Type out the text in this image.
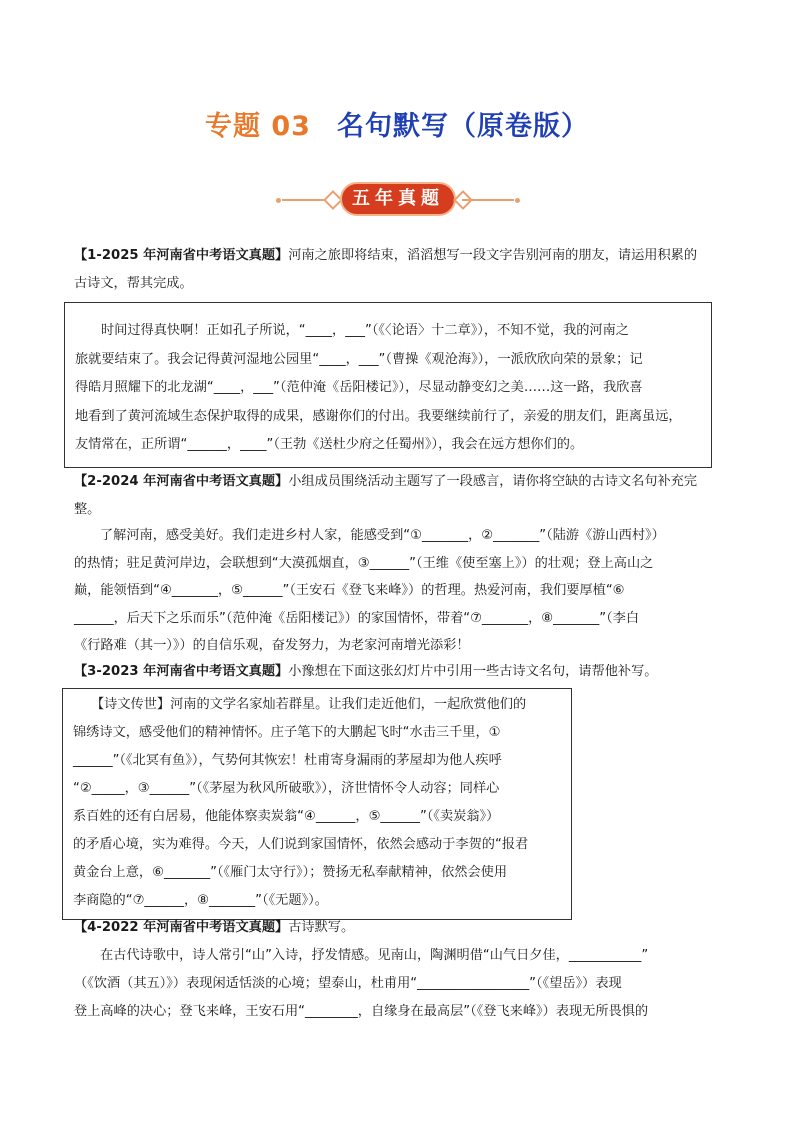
专题 03 名句默写（原卷版）
五年真题
【1-2025 年河南省中考语文真题】河南之旅即将结束，滔滔想写一段文字告别河南的朋友，请运用积累的
古诗文，帮其完成。
时间过得真快啊！正如孔子所说，“____，___”（《〈论语〉十二章》），不知不觉，我的河南之
旅就要结束了。我会记得黄河湿地公园里“____，___”（曹操《观沧海》），一派欣欣向荣的景象；记
得皓月照耀下的北龙湖“____，___”（范仲淹《岳阳楼记》），尽显动静变幻之美……这一路，我欣喜
地看到了黄河流域生态保护取得的成果，感谢你们的付出。我要继续前行了，亲爱的朋友们，距离虽远，
友情常在，正所谓“______，____”（王勃《送杜少府之任蜀州》），我会在远方想你们的。
【2-2024 年河南省中考语文真题】小组成员围绕活动主题写了一段感言，请你将空缺的古诗文名句补充完
整。
了解河南，感受美好。我们走进乡村人家，能感受到“①_______，②_______”（陆游《游山西村》）
的热情；驻足黄河岸边，会联想到“大漠孤烟直，③______”（王维《使至塞上》）的壮观；登上高山之
巅，能领悟到“④_______，⑤______”（王安石《登飞来峰》）的哲理。热爱河南，我们要厚植“⑥
______，后天下之乐而乐”（范仲淹《岳阳楼记》）的家国情怀，带着“⑦_______，⑧_______”（李白
《行路难（其一）》）的自信乐观，奋发努力，为老家河南增光添彩！
【3-2023 年河南省中考语文真题】小豫想在下面这张幻灯片中引用一些古诗文名句，请帮他补写。
【诗文传世】河南的文学名家灿若群星。让我们走近他们，一起欣赏他们的
锦绣诗文，感受他们的精神情怀。庄子笔下的大鹏起飞时“水击三千里，①
______”（《北冥有鱼》），气势何其恢宏！杜甫寄身漏雨的茅屋却为他人疾呼
“②_____，③______”（《茅屋为秋风所破歌》），济世情怀令人动容；同样心
系百姓的还有白居易，他能体察卖炭翁“④______，⑤______”（《卖炭翁》）
的矛盾心境，实为难得。今天，人们说到家国情怀，依然会感动于李贺的“报君
黄金台上意，⑥_______”（《雁门太守行》）；赞扬无私奉献精神，依然会使用
李商隐的“⑦______，⑧_______”（《无题》）。
【4-2022 年河南省中考语文真题】古诗默写。
在古代诗歌中，诗人常引“山”入诗，抒发情感。见南山，陶渊明借“山气日夕佳，___________”
（《饮酒（其五）》）表现闲适恬淡的心境；望泰山，杜甫用“_________________”（《望岳》）表现
登上高峰的决心；登飞来峰，王安石用“________，自缘身在最高层”（《登飞来峰》）表现无所畏惧的
